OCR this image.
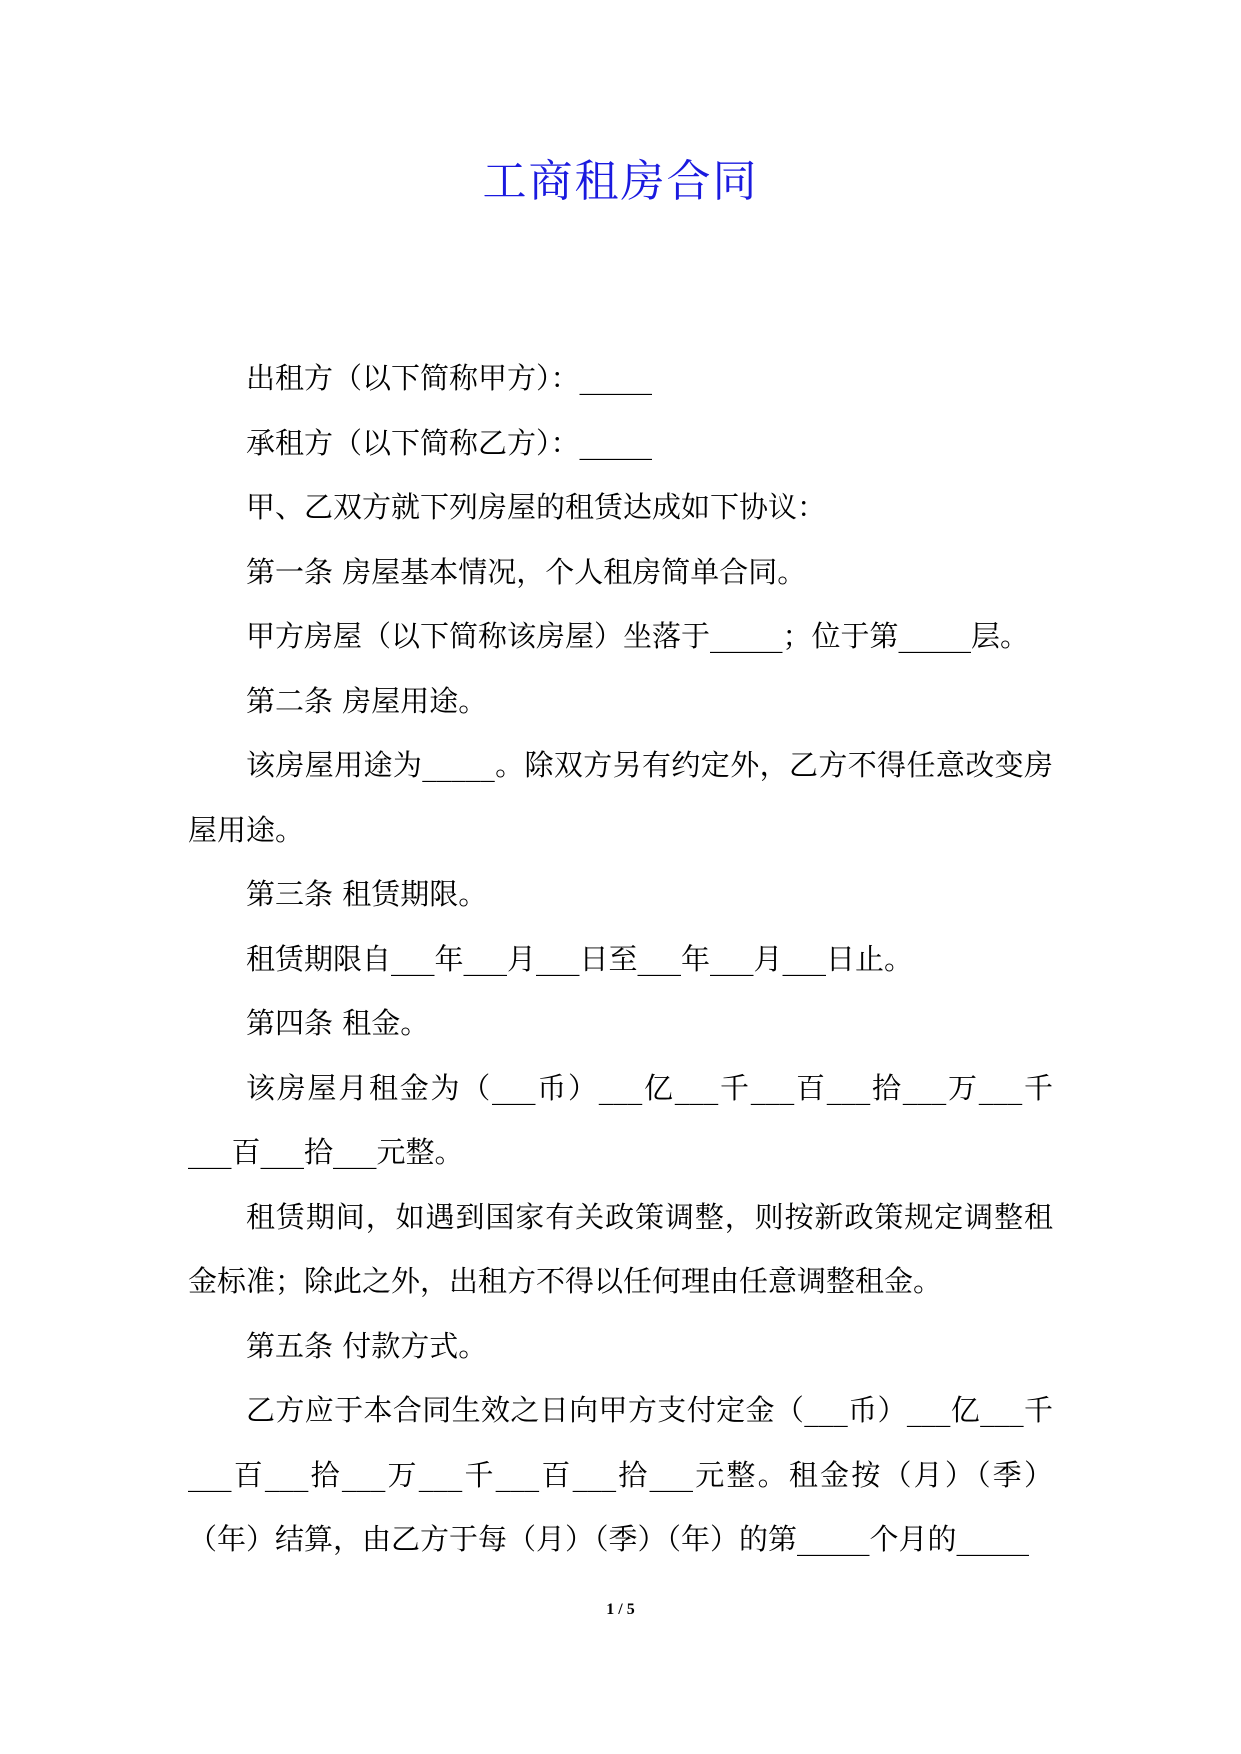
工商租房合同

出租方（以下简称甲方）：_____

承租方（以下简称乙方）：_____

甲、乙双方就下列房屋的租赁达成如下协议：

第一条 房屋基本情况，个人租房简单合同。

甲方房屋（以下简称该房屋）坐落于_____；位于第_____层。

第二条 房屋用途。

该房屋用途为_____。除双方另有约定外，乙方不得任意改变房屋用途。

第三条 租赁期限。

租赁期限自___年___月___日至___年___月___日止。

第四条 租金。

该房屋月租金为（___币）___亿___千___百___拾___万___千___百___拾___元整。

租赁期间，如遇到国家有关政策调整，则按新政策规定调整租金标准；除此之外，出租方不得以任何理由任意调整租金。

第五条 付款方式。

乙方应于本合同生效之日向甲方支付定金（___币）___亿___千___百___拾___万___千___百___拾___元整。租金按（月）（季）（年）结算，由乙方于每（月）（季）（年）的第_____个月的_____

1 / 5
